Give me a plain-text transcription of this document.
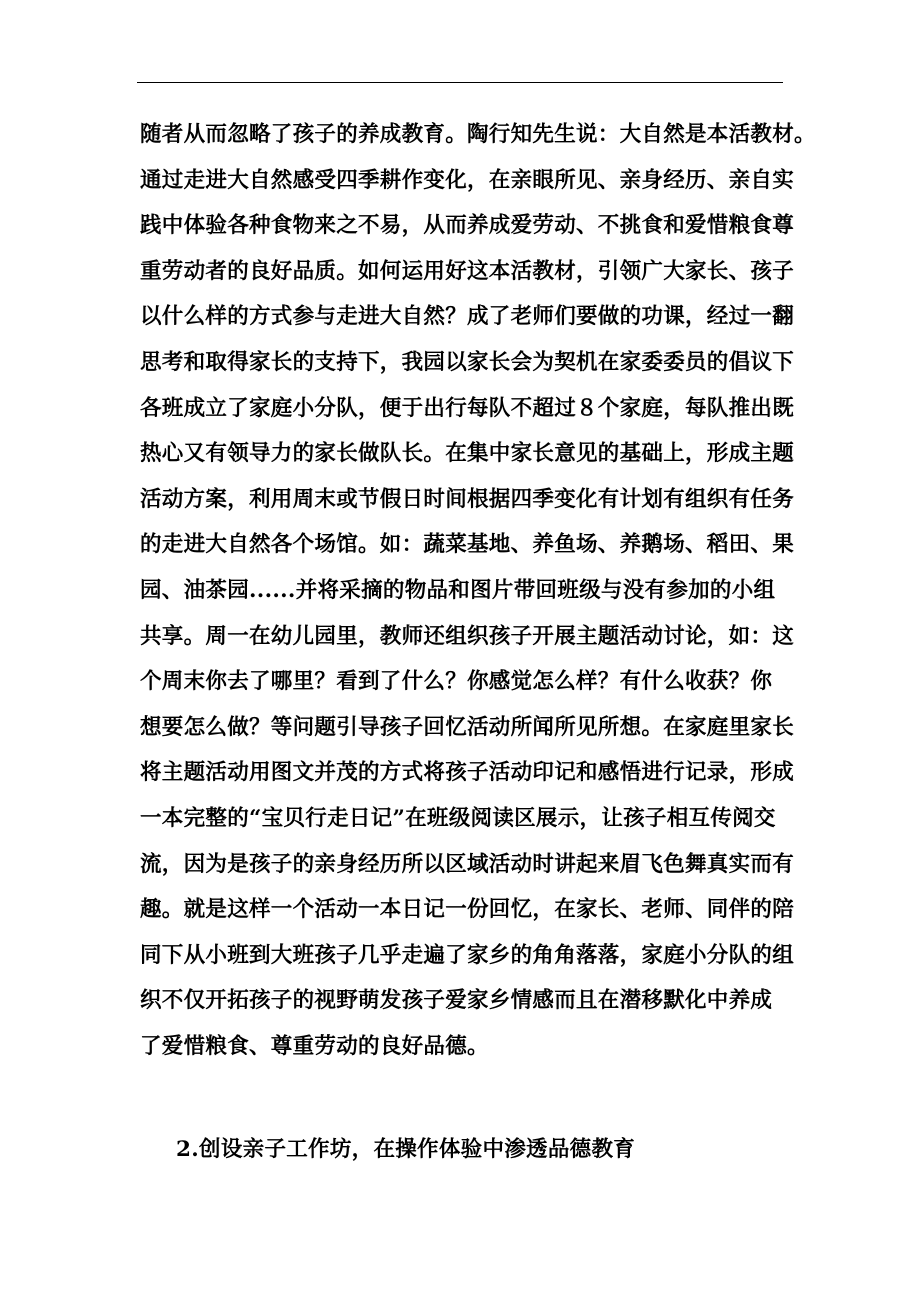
随者从而忽略了孩子的养成教育。陶行知先生说：大自然是本活教材。
通过走进大自然感受四季耕作变化，在亲眼所见、亲身经历、亲自实
践中体验各种食物来之不易，从而养成爱劳动、不挑食和爱惜粮食尊
重劳动者的良好品质。如何运用好这本活教材，引领广大家长、孩子
以什么样的方式参与走进大自然？成了老师们要做的功课，经过一翻
思考和取得家长的支持下，我园以家长会为契机在家委委员的倡议下
各班成立了家庭小分队，便于出行每队不超过８个家庭，每队推出既
热心又有领导力的家长做队长。在集中家长意见的基础上，形成主题
活动方案，利用周末或节假日时间根据四季变化有计划有组织有任务
的走进大自然各个场馆。如：蔬菜基地、养鱼场、养鹅场、稻田、果
园、油茶园......并将采摘的物品和图片带回班级与没有参加的小组
共享。周一在幼儿园里，教师还组织孩子开展主题活动讨论，如：这
个周末你去了哪里？看到了什么？你感觉怎么样？有什么收获？你
想要怎么做？等问题引导孩子回忆活动所闻所见所想。在家庭里家长
将主题活动用图文并茂的方式将孩子活动印记和感悟进行记录，形成
一本完整的“宝贝行走日记”在班级阅读区展示，让孩子相互传阅交
流，因为是孩子的亲身经历所以区域活动时讲起来眉飞色舞真实而有
趣。就是这样一个活动一本日记一份回忆，在家长、老师、同伴的陪
同下从小班到大班孩子几乎走遍了家乡的角角落落，家庭小分队的组
织不仅开拓孩子的视野萌发孩子爱家乡情感而且在潜移默化中养成
了爱惜粮食、尊重劳动的良好品德。
2.创设亲子工作坊，在操作体验中渗透品德教育
